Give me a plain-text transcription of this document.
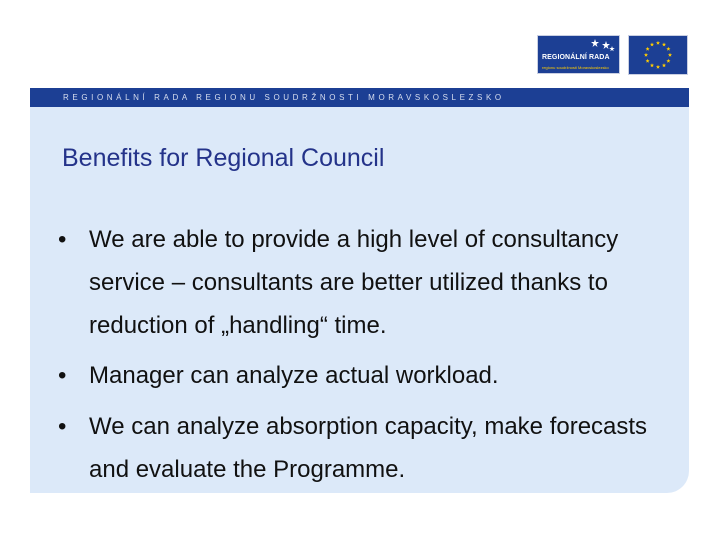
REGIONÁLNÍ RADA
regionu soudržnosti Moravskoslezsko
REGIONÁLNÍ RADA REGIONU SOUDRŽNOSTI MORAVSKOSLEZSKO
Benefits for Regional Council
• We are able to provide a high level of consultancy service – consultants are better utilized thanks to reduction of „handling“ time.
• Manager can analyze actual workload.
• We can analyze absorption capacity, make forecasts and evaluate the Programme.
